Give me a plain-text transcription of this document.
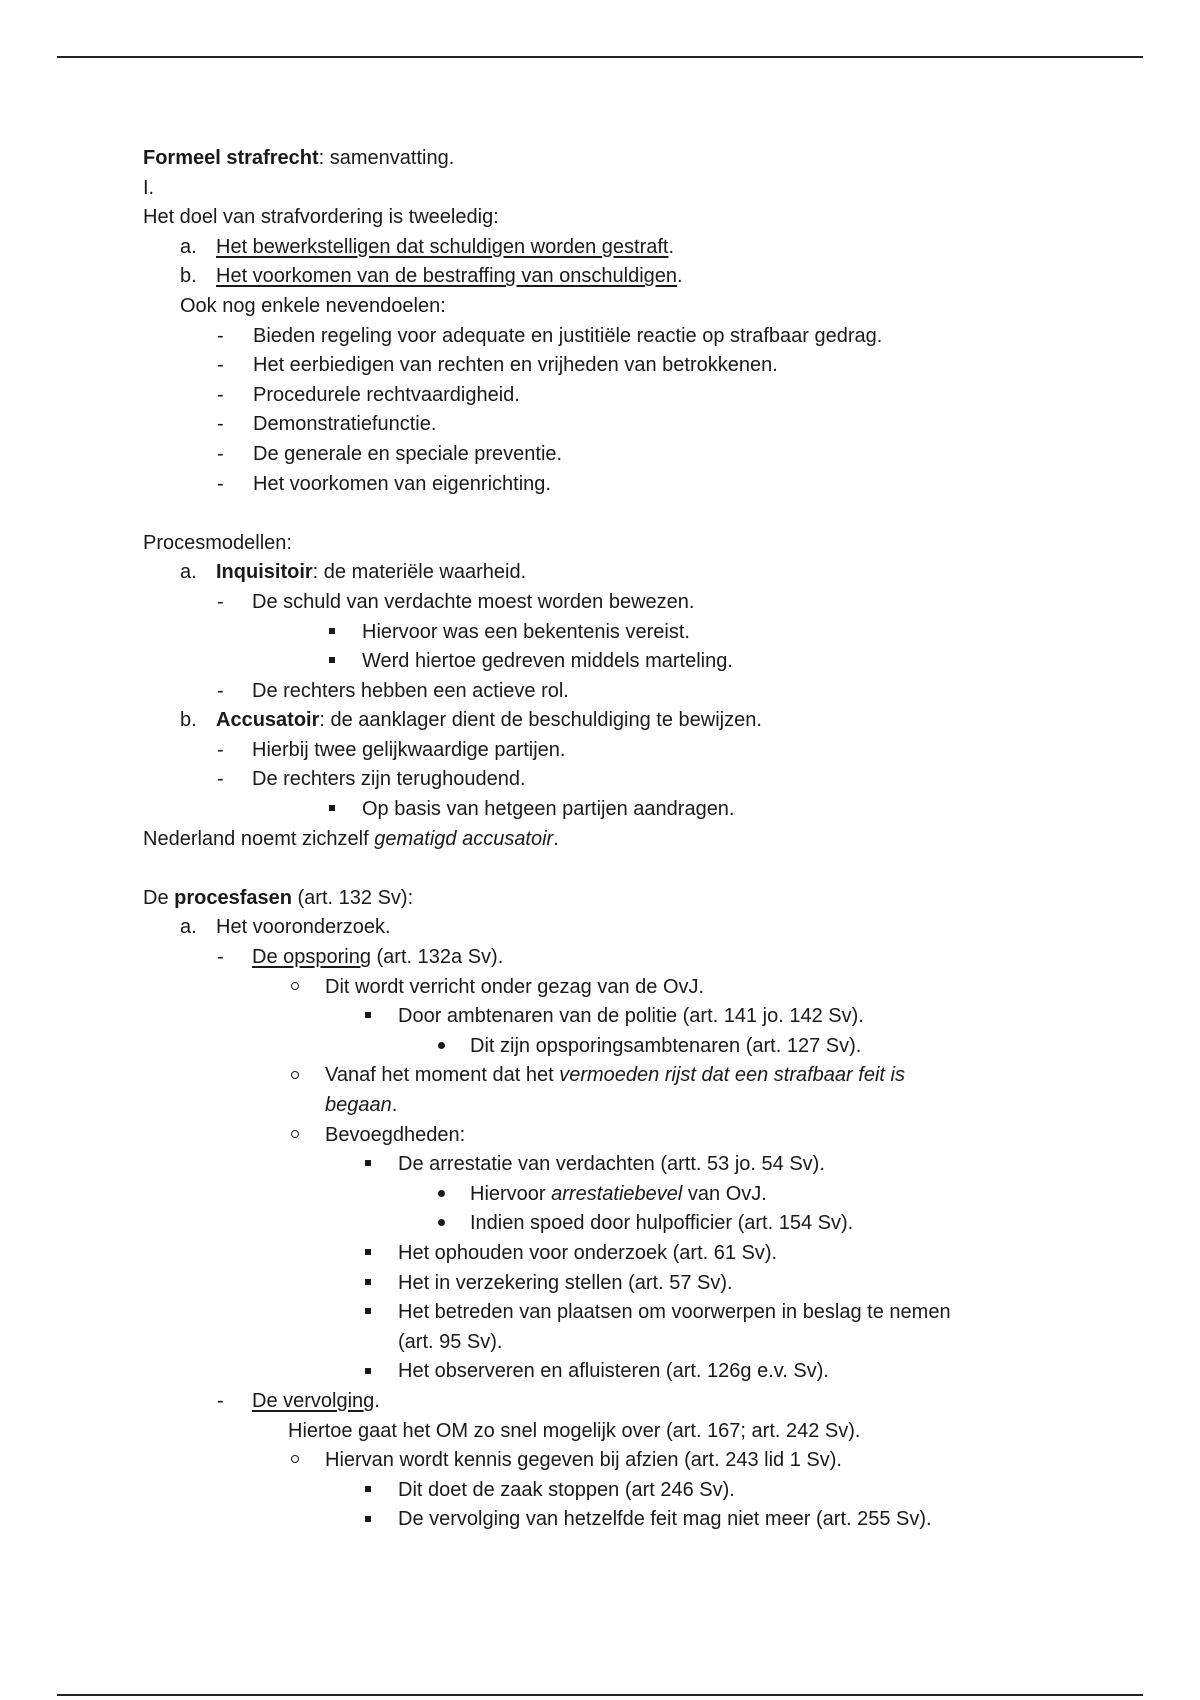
Formeel strafrecht: samenvatting.
I.
Het doel van strafvordering is tweeledig:
a. Het bewerkstelligen dat schuldigen worden gestraft.
b. Het voorkomen van de bestraffing van onschuldigen.
Ook nog enkele nevendoelen:
- Bieden regeling voor adequate en justitiële reactie op strafbaar gedrag.
- Het eerbiedigen van rechten en vrijheden van betrokkenen.
- Procedurele rechtvaardigheid.
- Demonstratiefunctie.
- De generale en speciale preventie.
- Het voorkomen van eigenrichting.
Procesmodellen:
a. Inquisitoir: de materiële waarheid.
- De schuld van verdachte moest worden bewezen.
Hiervoor was een bekentenis vereist.
Werd hiertoe gedreven middels marteling.
- De rechters hebben een actieve rol.
b. Accusatoir: de aanklager dient de beschuldiging te bewijzen.
- Hierbij twee gelijkwaardige partijen.
- De rechters zijn terughoudend.
Op basis van hetgeen partijen aandragen.
Nederland noemt zichzelf gematigd accusatoir.
De procesfasen (art. 132 Sv):
a. Het vooronderzoek.
- De opsporing (art. 132a Sv).
Dit wordt verricht onder gezag van de OvJ.
Door ambtenaren van de politie (art. 141 jo. 142 Sv).
Dit zijn opsporingsambtenaren (art. 127 Sv).
Vanaf het moment dat het vermoeden rijst dat een strafbaar feit is
begaan.
Bevoegdheden:
De arrestatie van verdachten (artt. 53 jo. 54 Sv).
Hiervoor arrestatiebevel van OvJ.
Indien spoed door hulpofficier (art. 154 Sv).
Het ophouden voor onderzoek (art. 61 Sv).
Het in verzekering stellen (art. 57 Sv).
Het betreden van plaatsen om voorwerpen in beslag te nemen
(art. 95 Sv).
Het observeren en afluisteren (art. 126g e.v. Sv).
- De vervolging.
Hiertoe gaat het OM zo snel mogelijk over (art. 167; art. 242 Sv).
Hiervan wordt kennis gegeven bij afzien (art. 243 lid 1 Sv).
Dit doet de zaak stoppen (art 246 Sv).
De vervolging van hetzelfde feit mag niet meer (art. 255 Sv).
